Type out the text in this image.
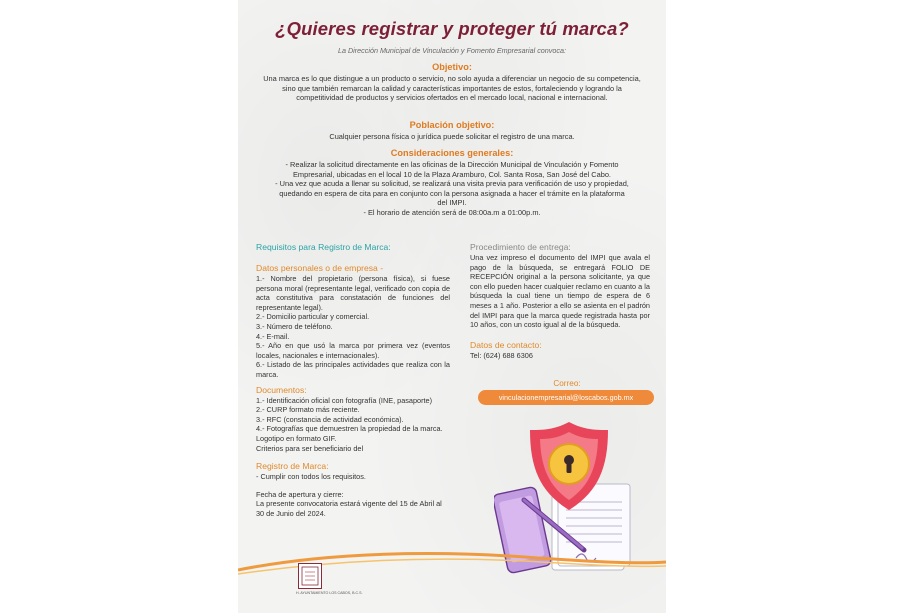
¿Quieres registrar y proteger tú marca?
La Dirección Municipal de Vinculación y Fomento Empresarial convoca:
Objetivo:
Una marca es lo que distingue a un producto o servicio, no solo ayuda a diferenciar un negocio de su competencia, sino que también remarcan la calidad y características importantes de estos, fortaleciendo y logrando la competitividad de productos y servicios ofertados en el mercado local, nacional e internacional.
Población objetivo:
Cualquier persona física o jurídica puede solicitar el registro de una marca.
Consideraciones generales:
- Realizar la solicitud directamente en las oficinas de la Dirección Municipal de Vinculación y Fomento
Empresarial, ubicadas en el local 10 de la Plaza Aramburo, Col. Santa Rosa, San José del Cabo.
- Una vez que acuda a llenar su solicitud, se realizará una visita previa para verificación de uso y propiedad, quedando en espera de cita para en conjunto con la persona asignada a hacer el trámite en la plataforma del IMPI.
- El horario de atención será de 08:00a.m a 01:00p.m.

Requisitos para Registro de Marca:

Datos personales o de empresa -

1.- Nombre del propietario (persona física), si fuese persona moral (representante legal, verificado con copia de acta constitutiva para constatación de funciones del representante legal).

2.- Domicilio particular y comercial.

3.- Número de teléfono.

4.- E-mail.

5.- Año en que usó la marca por primera vez (eventos locales, nacionales e internacionales).

6.- Listado de las principales actividades que realiza con la marca.

Documentos:

1.- Identificación oficial con fotografía (INE, pasaporte)

2.- CURP formato más reciente.

3.- RFC (constancia de actividad económica).

4.- Fotografías que demuestren la propiedad de la marca.

Logotipo en formato GIF.

Criterios para ser beneficiario del

Registro de Marca:

- Cumplir con todos los requisitos.

Fecha de apertura y cierre:

La presente convocatoria estará vigente del 15 de Abril al 30 de Junio del 2024.

Procedimiento de entrega:

Una vez impreso el documento del IMPI que avala el pago de la búsqueda, se entregará FOLIO DE RECEPCIÓN original a la persona solicitante, ya que con ello pueden hacer cualquier reclamo en cuanto a la búsqueda la cual tiene un tiempo de espera de 6 meses a 1 año. Posterior a ello se asienta en el padrón del IMPI para que la marca quede registrada hasta por 10 años, con un costo igual al de la búsqueda.

Datos de contacto:

Tel: (624) 688 6306

Correo:
vinculacionempresarial@loscabos.gob.mx
H. AYUNTAMIENTO LOS CABOS, B.C.S.
